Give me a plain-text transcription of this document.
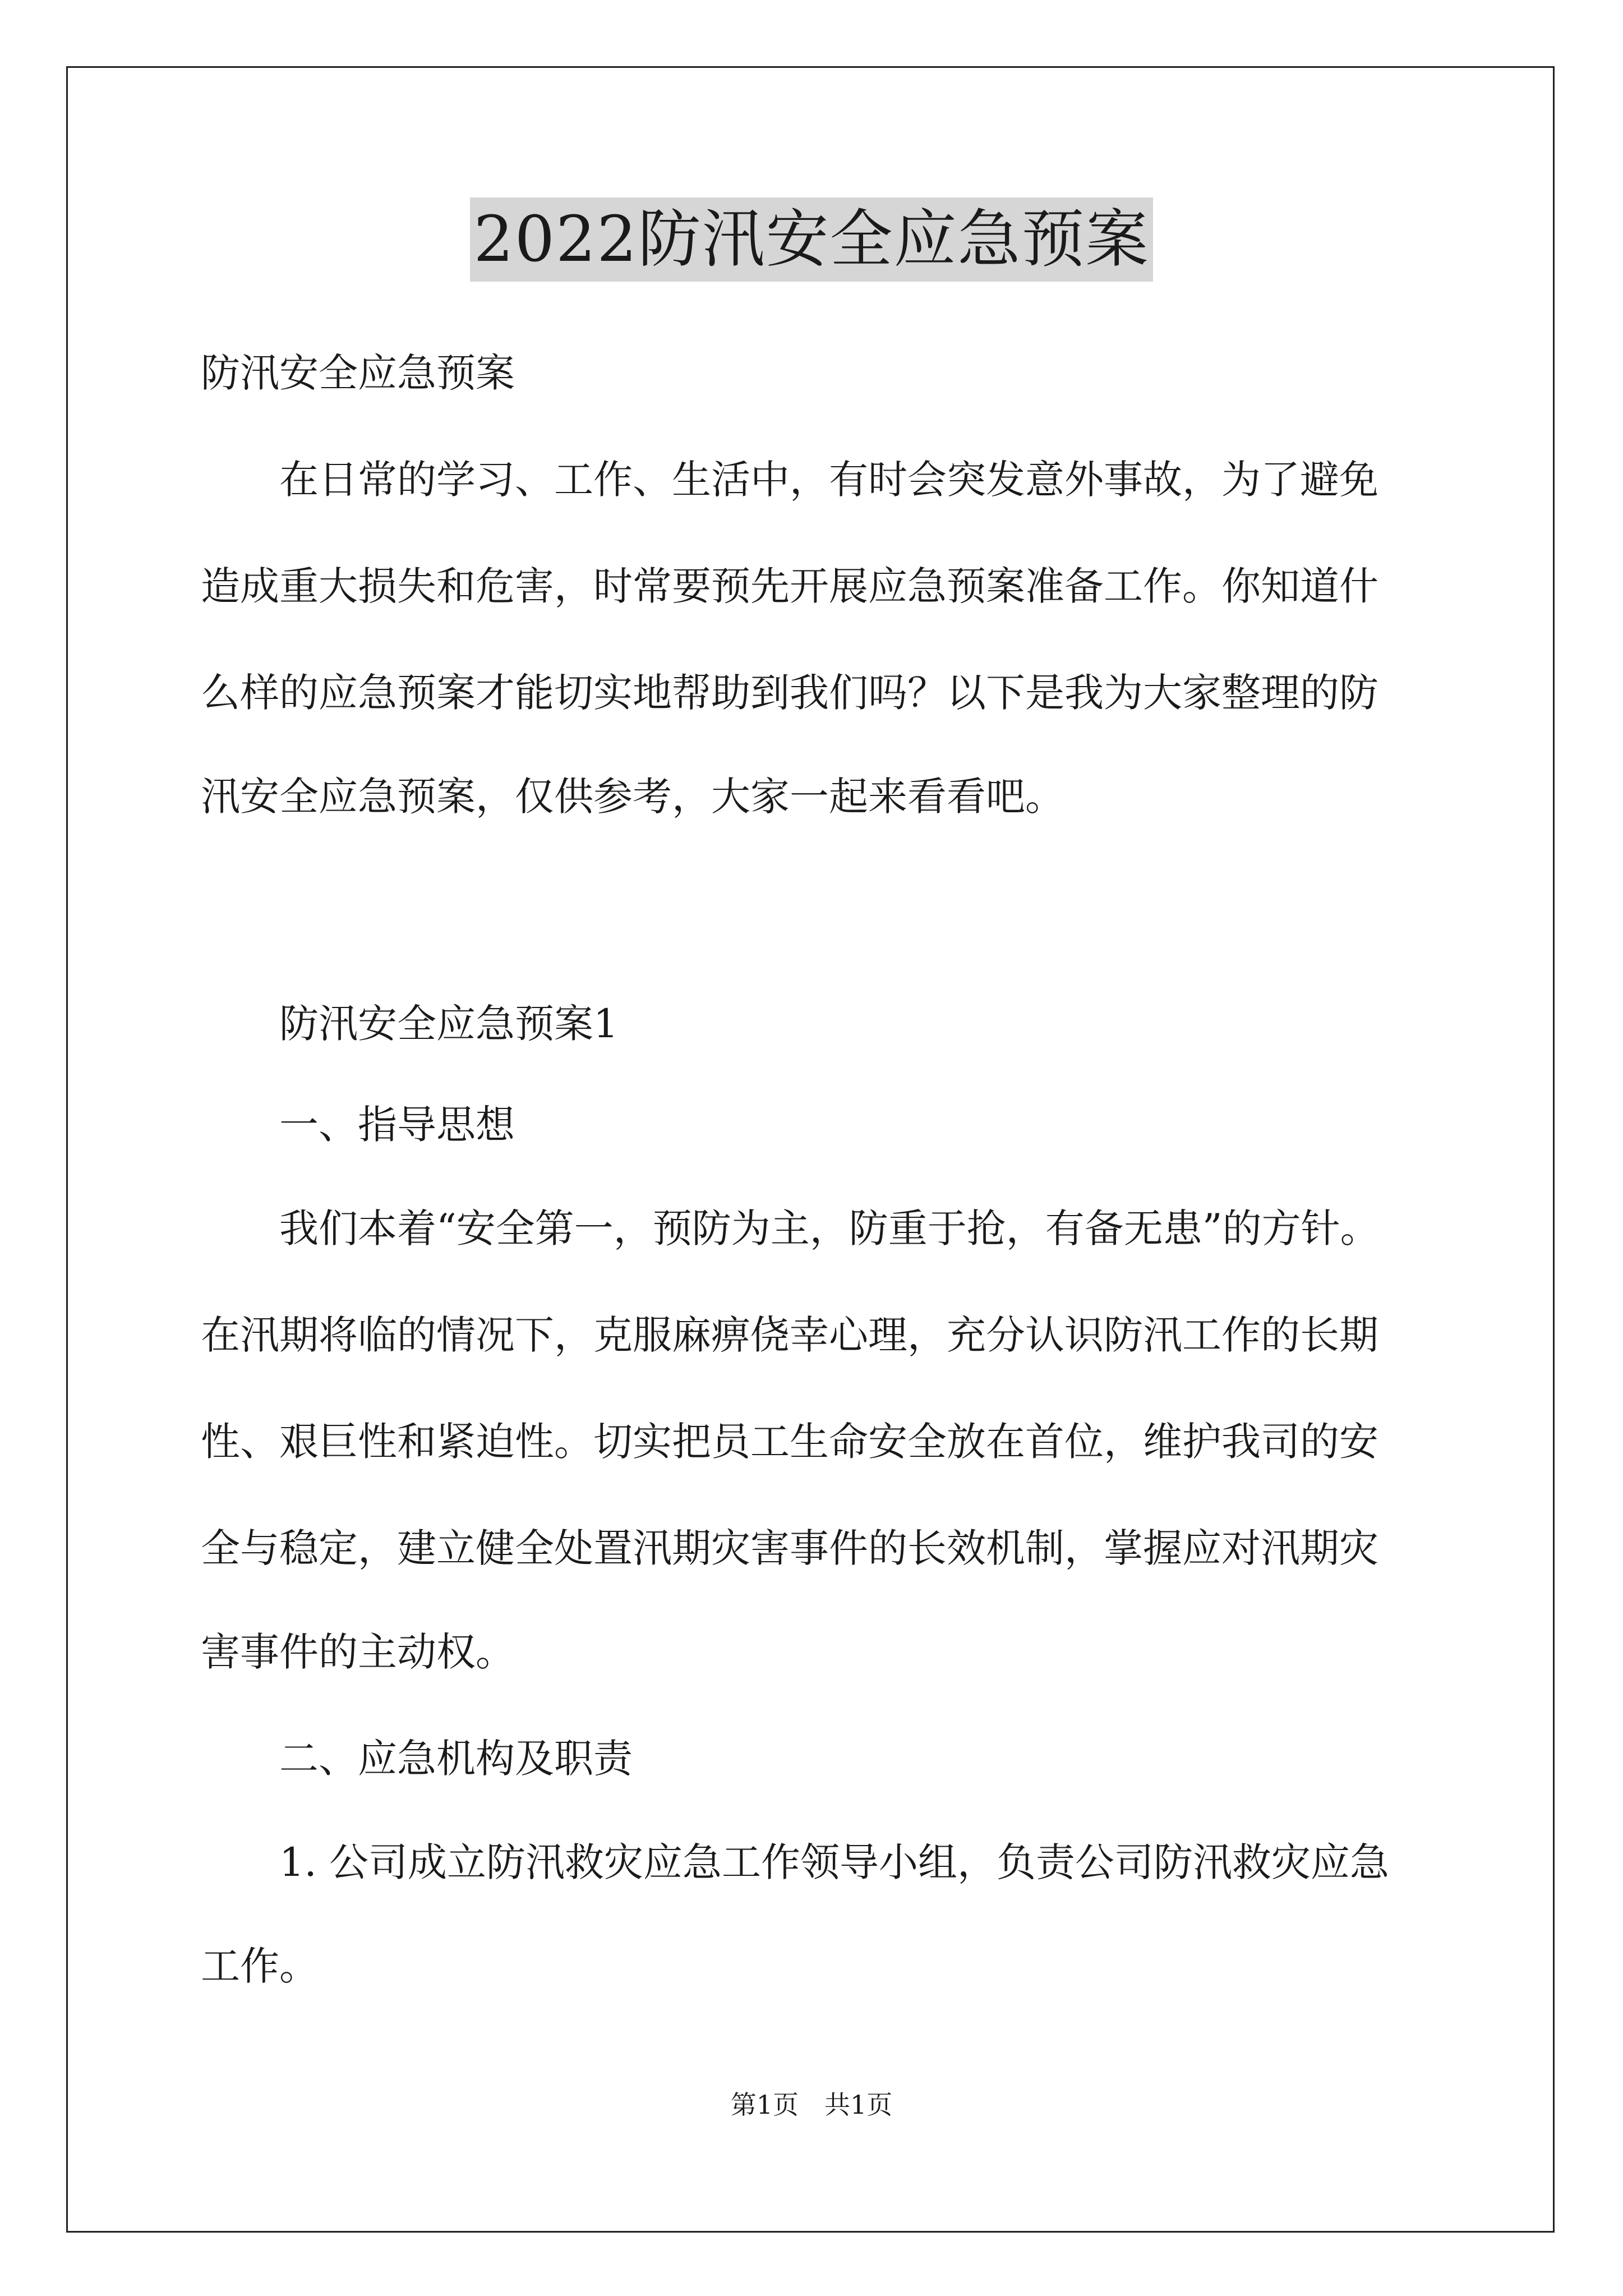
2022防汛安全应急预案
防汛安全应急预案
在日常的学习、工作、生活中，有时会突发意外事故，为了避免
造成重大损失和危害，时常要预先开展应急预案准备工作。你知道什
么样的应急预案才能切实地帮助到我们吗？以下是我为大家整理的防
汛安全应急预案，仅供参考，大家一起来看看吧。
防汛安全应急预案1
一、指导思想
我们本着“安全第一，预防为主，防重于抢，有备无患”的方针。
在汛期将临的情况下，克服麻痹侥幸心理，充分认识防汛工作的长期
性、艰巨性和紧迫性。切实把员工生命安全放在首位，维护我司的安
全与稳定，建立健全处置汛期灾害事件的长效机制，掌握应对汛期灾
害事件的主动权。
二、应急机构及职责
1. 公司成立防汛救灾应急工作领导小组，负责公司防汛救灾应急
工作。
第1页　共1页
